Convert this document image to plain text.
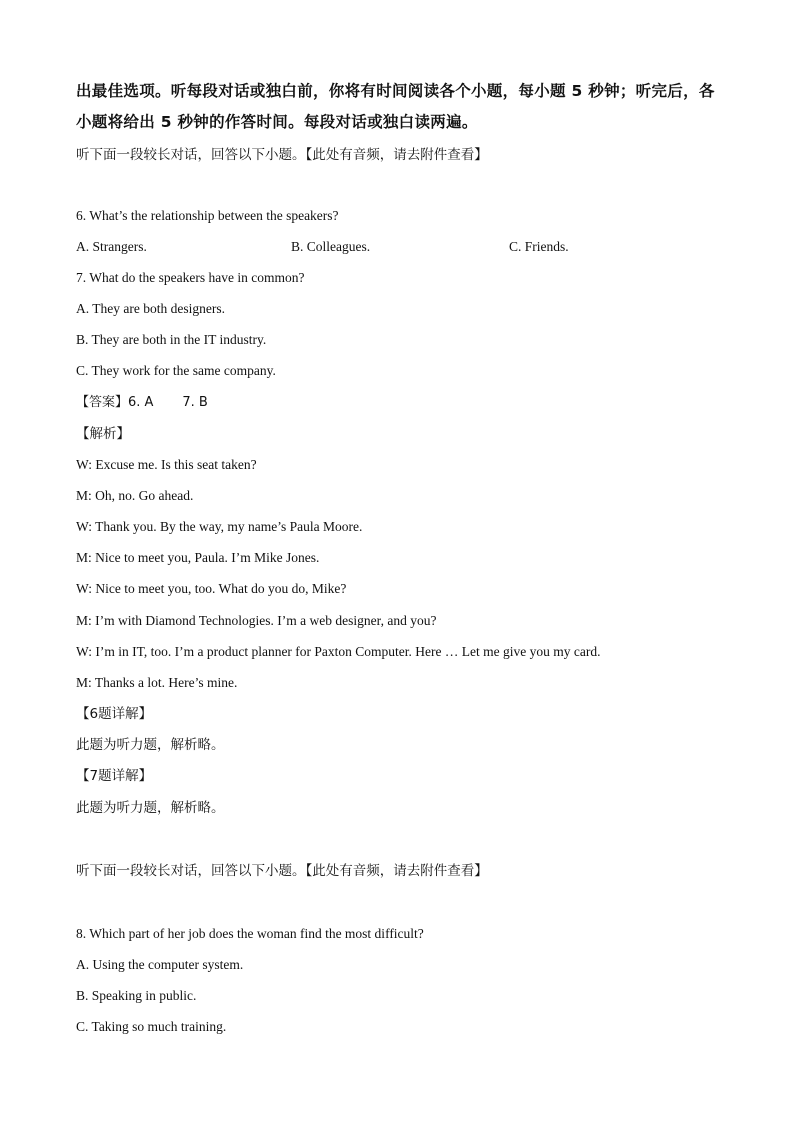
出最佳选项。听每段对话或独白前，你将有时间阅读各个小题，每小题 5 秒钟；听完后，各
小题将给出 5 秒钟的作答时间。每段对话或独白读两遍。
听下面一段较长对话，回答以下小题。【此处有音频，请去附件查看】
6. What’s the relationship between the speakers?
A. Strangers.	B. Colleagues.	C. Friends.
7. What do the speakers have in common?
A. They are both designers.
B. They are both in the IT industry.
C. They work for the same company.
【答案】6. A       7. B
【解析】
W: Excuse me. Is this seat taken?
M: Oh, no. Go ahead.
W: Thank you. By the way, my name’s Paula Moore.
M: Nice to meet you, Paula. I’m Mike Jones.
W: Nice to meet you, too. What do you do, Mike?
M: I’m with Diamond Technologies. I’m a web designer, and you?
W: I’m in IT, too. I’m a product planner for Paxton Computer. Here … Let me give you my card.
M: Thanks a lot. Here’s mine.
【6题详解】
此题为听力题，解析略。
【7题详解】
此题为听力题，解析略。
听下面一段较长对话，回答以下小题。【此处有音频，请去附件查看】
8. Which part of her job does the woman find the most difficult?
A. Using the computer system.
B. Speaking in public.
C. Taking so much training.
